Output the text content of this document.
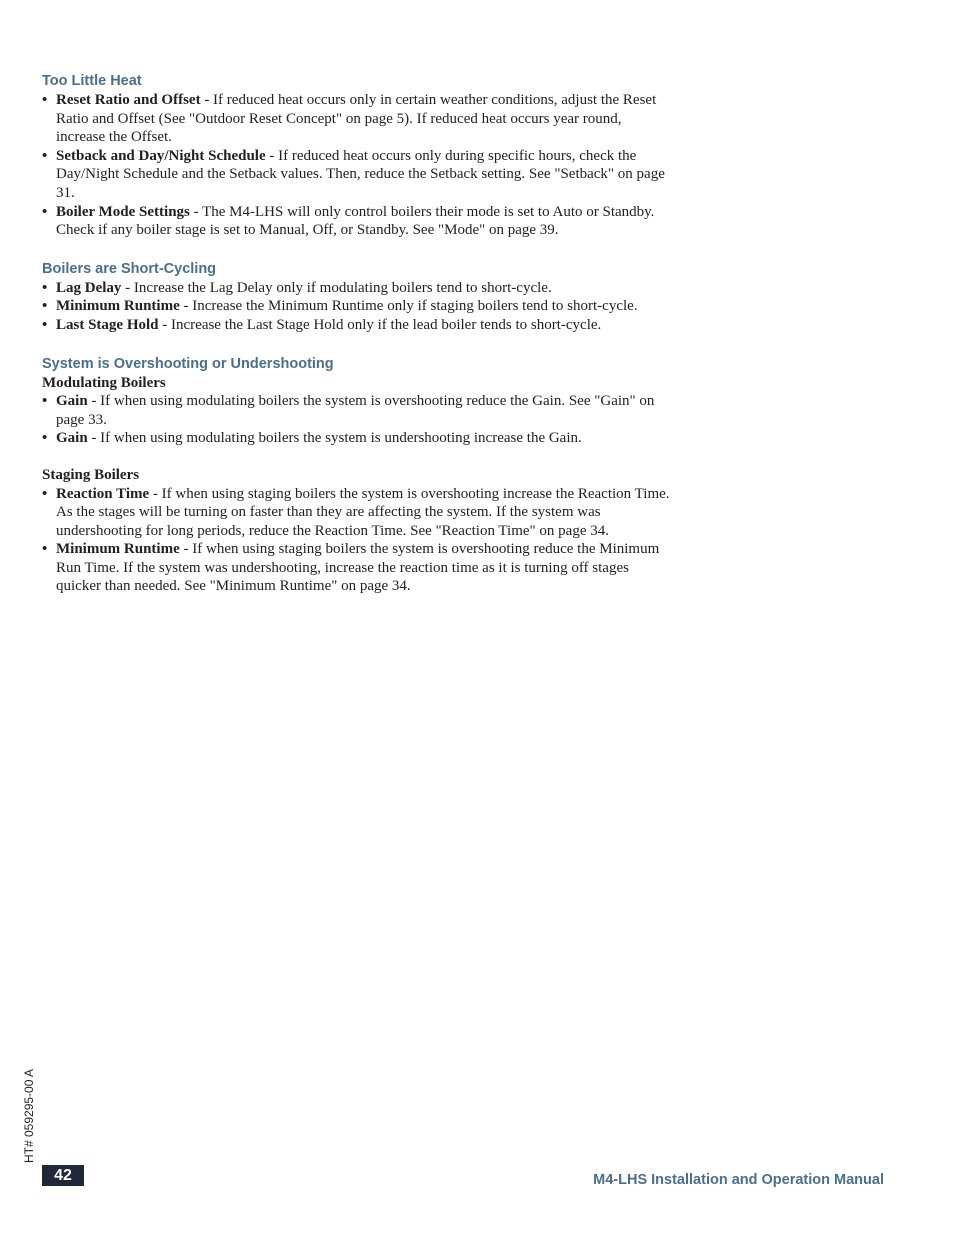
Too Little Heat

• Reset Ratio and Offset - If reduced heat occurs only in certain weather conditions, adjust the Reset Ratio and Offset (See "Outdoor Reset Concept" on page 5). If reduced heat occurs year round, increase the Offset.
• Setback and Day/Night Schedule - If reduced heat occurs only during specific hours, check the Day/Night Schedule and the Setback values. Then, reduce the Setback setting. See "Setback" on page 31.
• Boiler Mode Settings - The M4-LHS will only control boilers their mode is set to Auto or Standby. Check if any boiler stage is set to Manual, Off, or Standby. See "Mode" on page 39.

Boilers are Short-Cycling

• Lag Delay - Increase the Lag Delay only if modulating boilers tend to short-cycle.
• Minimum Runtime - Increase the Minimum Runtime only if staging boilers tend to short-cycle.
• Last Stage Hold - Increase the Last Stage Hold only if the lead boiler tends to short-cycle.

System is Overshooting or Undershooting

Modulating Boilers

• Gain - If when using modulating boilers the system is overshooting reduce the Gain. See "Gain" on page 33.
• Gain - If when using modulating boilers the system is undershooting increase the Gain.

Staging Boilers

• Reaction Time - If when using staging boilers the system is overshooting increase the Reaction Time. As the stages will be turning on faster than they are affecting the system. If the system was undershooting for long periods, reduce the Reaction Time. See "Reaction Time" on page 34.
• Minimum Runtime - If when using staging boilers the system is overshooting reduce the Minimum Run Time. If the system was undershooting, increase the reaction time as it is turning off stages quicker than needed. See "Minimum Runtime" on page 34.
HT# 059295-00 A
42	M4-LHS Installation and Operation Manual
